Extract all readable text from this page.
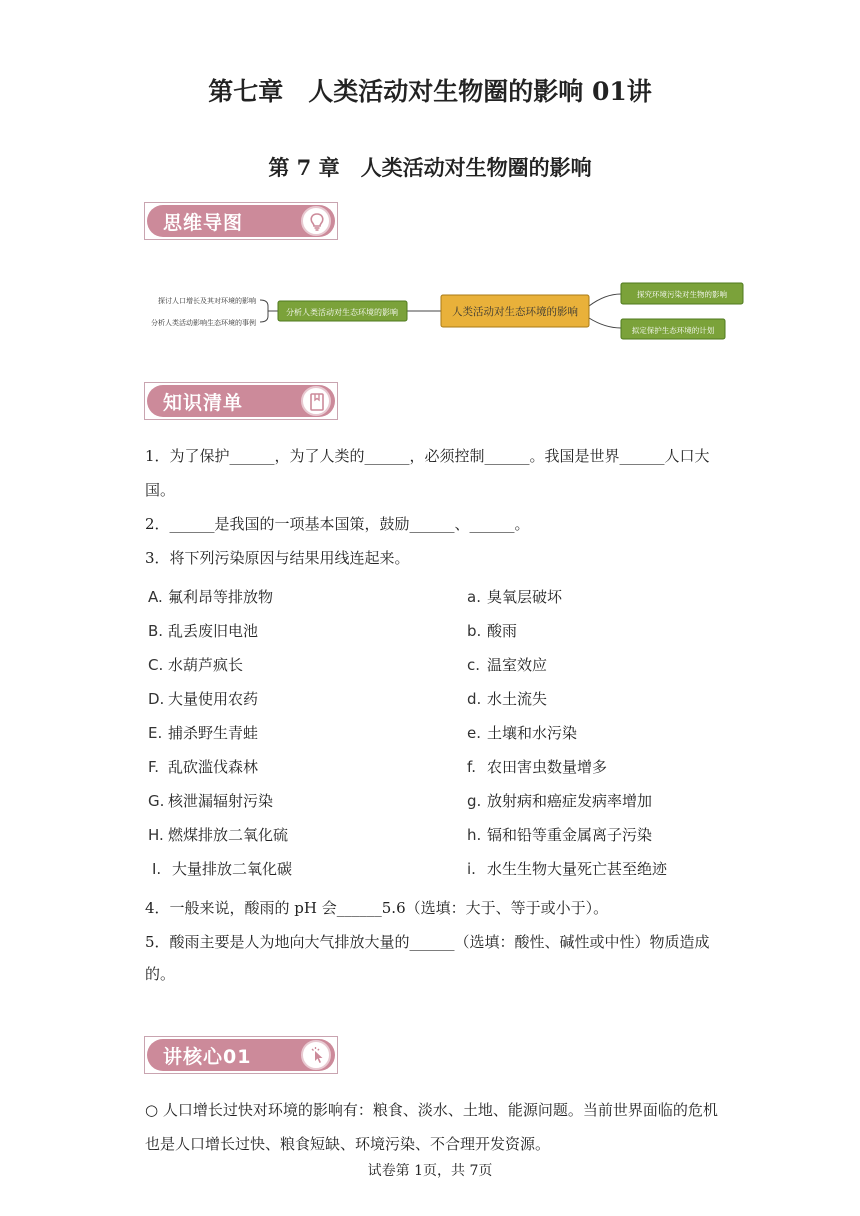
第七章　人类活动对生物圈的影响 01讲
第 7 章　人类活动对生物圈的影响
思维导图
探讨人口增长及其对环境的影响
分析人类活动影响生态环境的事例
分析人类活动对生态环境的影响	人类活动对生态环境的影响
探究环境污染对生物的影响
拟定保护生态环境的计划
知识清单
1．为了保护______，为了人类的______，必须控制______。我国是世界______人口大
国。
2．______是我国的一项基本国策，鼓励______、______。
3．将下列污染原因与结果用线连起来。
A. 氟利昂等排放物
B. 乱丢废旧电池
C. 水葫芦疯长
D. 大量使用农药
E. 捕杀野生青蛙
F. 乱砍滥伐森林
G. 核泄漏辐射污染
H. 燃煤排放二氧化硫
I. 大量排放二氧化碳
a. 臭氧层破坏
b. 酸雨
c. 温室效应
d. 水土流失
e. 土壤和水污染
f. 农田害虫数量增多
g. 放射病和癌症发病率增加
h. 镉和铅等重金属离子污染
i. 水生生物大量死亡甚至绝迹
4．一般来说，酸雨的 pH 会______5.6（选填：大于、等于或小于）。
5．酸雨主要是人为地向大气排放大量的______（选填：酸性、碱性或中性）物质造成
的。
讲核心01
○ 人口增长过快对环境的影响有：粮食、淡水、土地、能源问题。当前世界面临的危机
也是人口增长过快、粮食短缺、环境污染、不合理开发资源。
试卷第 1页，共 7页
